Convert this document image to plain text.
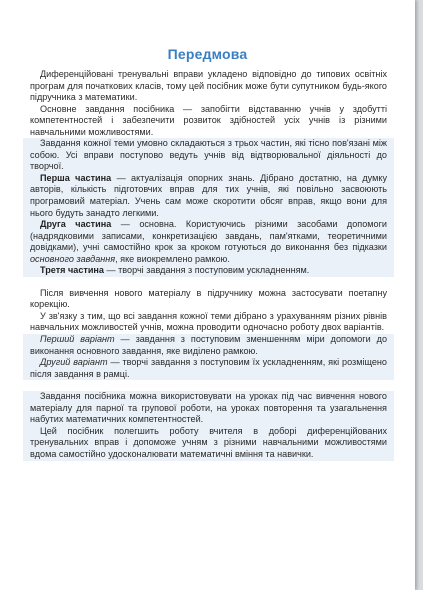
Передмова

Диференційовані тренувальні вправи укладено відповідно до типових освітніх програм для початкових класів, тому цей посібник може бути супутником будь-якого підручника з математики.

Основне завдання посібника — запобігти відставанню учнів у здобутті компетентностей і забезпечити розвиток здібностей усіх учнів із різними навчальними можливостями.

Завдання кожної теми умовно складаються з трьох частин, які тісно пов'язані між собою. Усі вправи поступово ведуть учнів від відтворювальної діяльності до творчої.

Перша частина — актуалізація опорних знань. Дібрано достатню, на думку авторів, кількість підготовчих вправ для тих учнів, які повільно засвоюють програмовий матеріал. Учень сам може скоротити обсяг вправ, якщо вони для нього будуть занадто легкими.

Друга частина — основна. Користуючись різними засобами допомоги (надрядковими записами, конкретизацією завдань, пам'ятками, теоретичними довідками), учні самостійно крок за кроком готуються до виконання без підказки основного завдання, яке виокремлено рамкою.

Третя частина — творчі завдання з поступовим ускладненням.

Після вивчення нового матеріалу в підручнику можна застосувати поетапну корекцію.

У зв'язку з тим, що всі завдання кожної теми дібрано з урахуванням різних рівнів навчальних можливостей учнів, можна проводити одночасно роботу двох варіантів.

Перший варіант — завдання з поступовим зменшенням міри допомоги до виконання основного завдання, яке виділено рамкою.

Другий варіант — творчі завдання з поступовим їх ускладненням, які розміщено після завдання в рамці.

Завдання посібника можна використовувати на уроках під час вивчення нового матеріалу для парної та групової роботи, на уроках повторення та узагальнення набутих математичних компетентностей.

Цей посібник полегшить роботу вчителя в доборі диференційованих тренувальних вправ і допоможе учням з різними навчальними можливостями вдома самостійно удосконалювати математичні вміння та навички.
